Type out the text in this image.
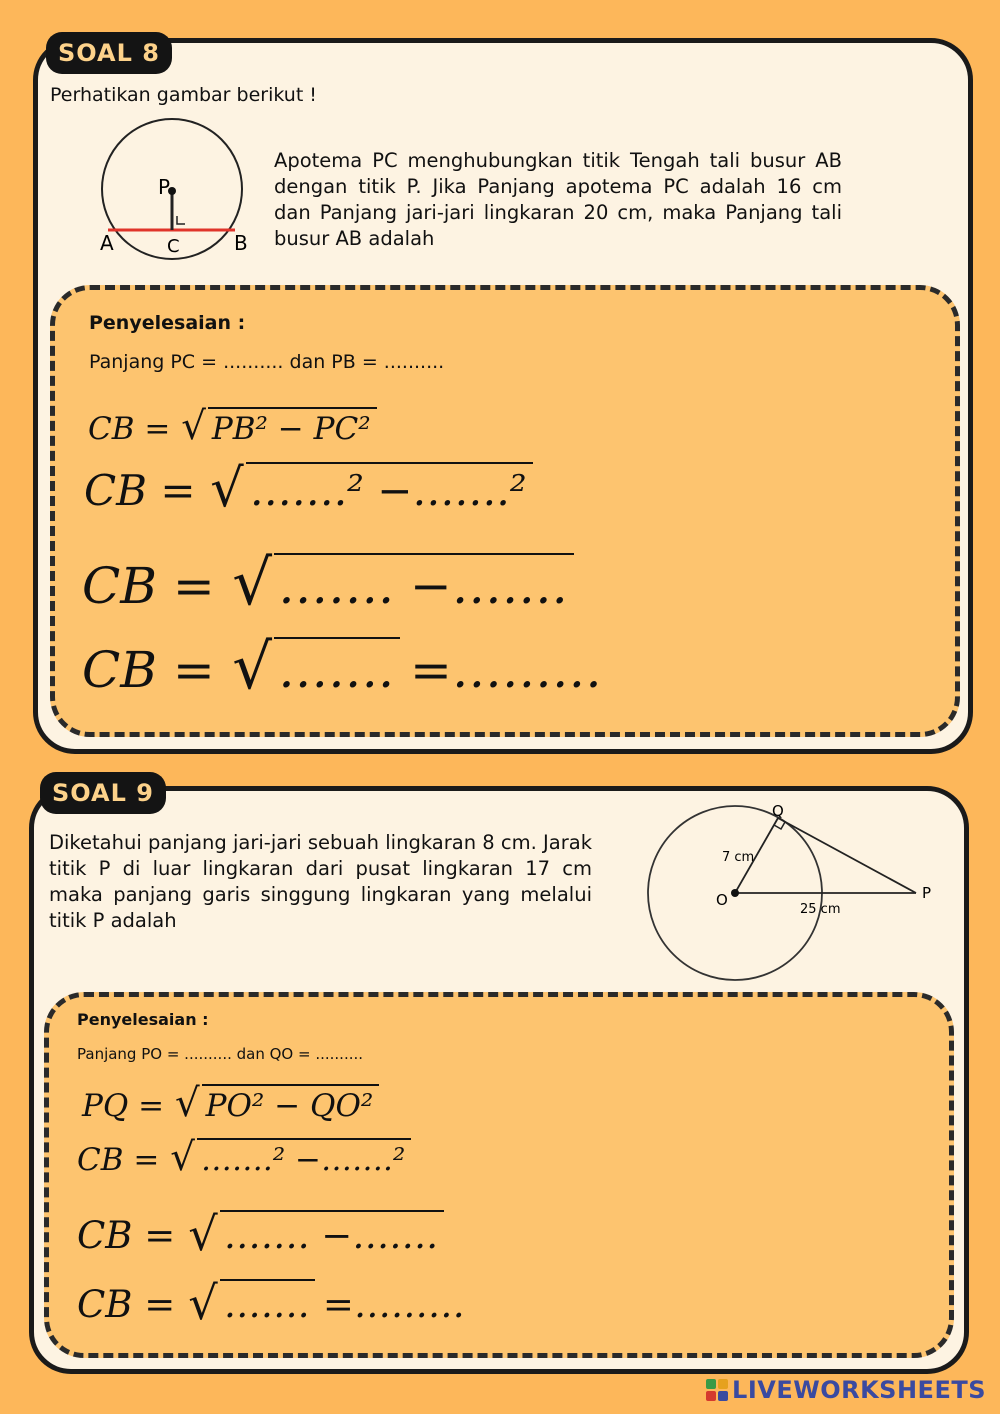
SOAL 8
Perhatikan gambar berikut !
P
A	C	B
Apotema PC menghubungkan titik Tengah tali busur AB dengan titik P. Jika Panjang apotema PC adalah 16 cm dan Panjang jari-jari lingkaran 20 cm, maka Panjang tali busur AB adalah
Penyelesaian :
Panjang PC = .......... dan PB = ..........
CB = √ PB² − PC²
CB = √ …….² −…….²
CB = √ ……. −…….
CB = √ ……. =………
SOAL 9
Diketahui panjang jari-jari sebuah lingkaran 8 cm. Jarak titik P di luar lingkaran dari pusat lingkaran 17 cm maka panjang garis singgung lingkaran yang melalui titik P adalah
Q
O	P
7 cm
25 cm
Penyelesaian :
Panjang PO = .......... dan QO = ..........
PQ = √ PO² − QO²
CB = √ …….² −…….²
CB = √ ……. −…….
CB = √ ……. =………
LIVEWORKSHEETS
